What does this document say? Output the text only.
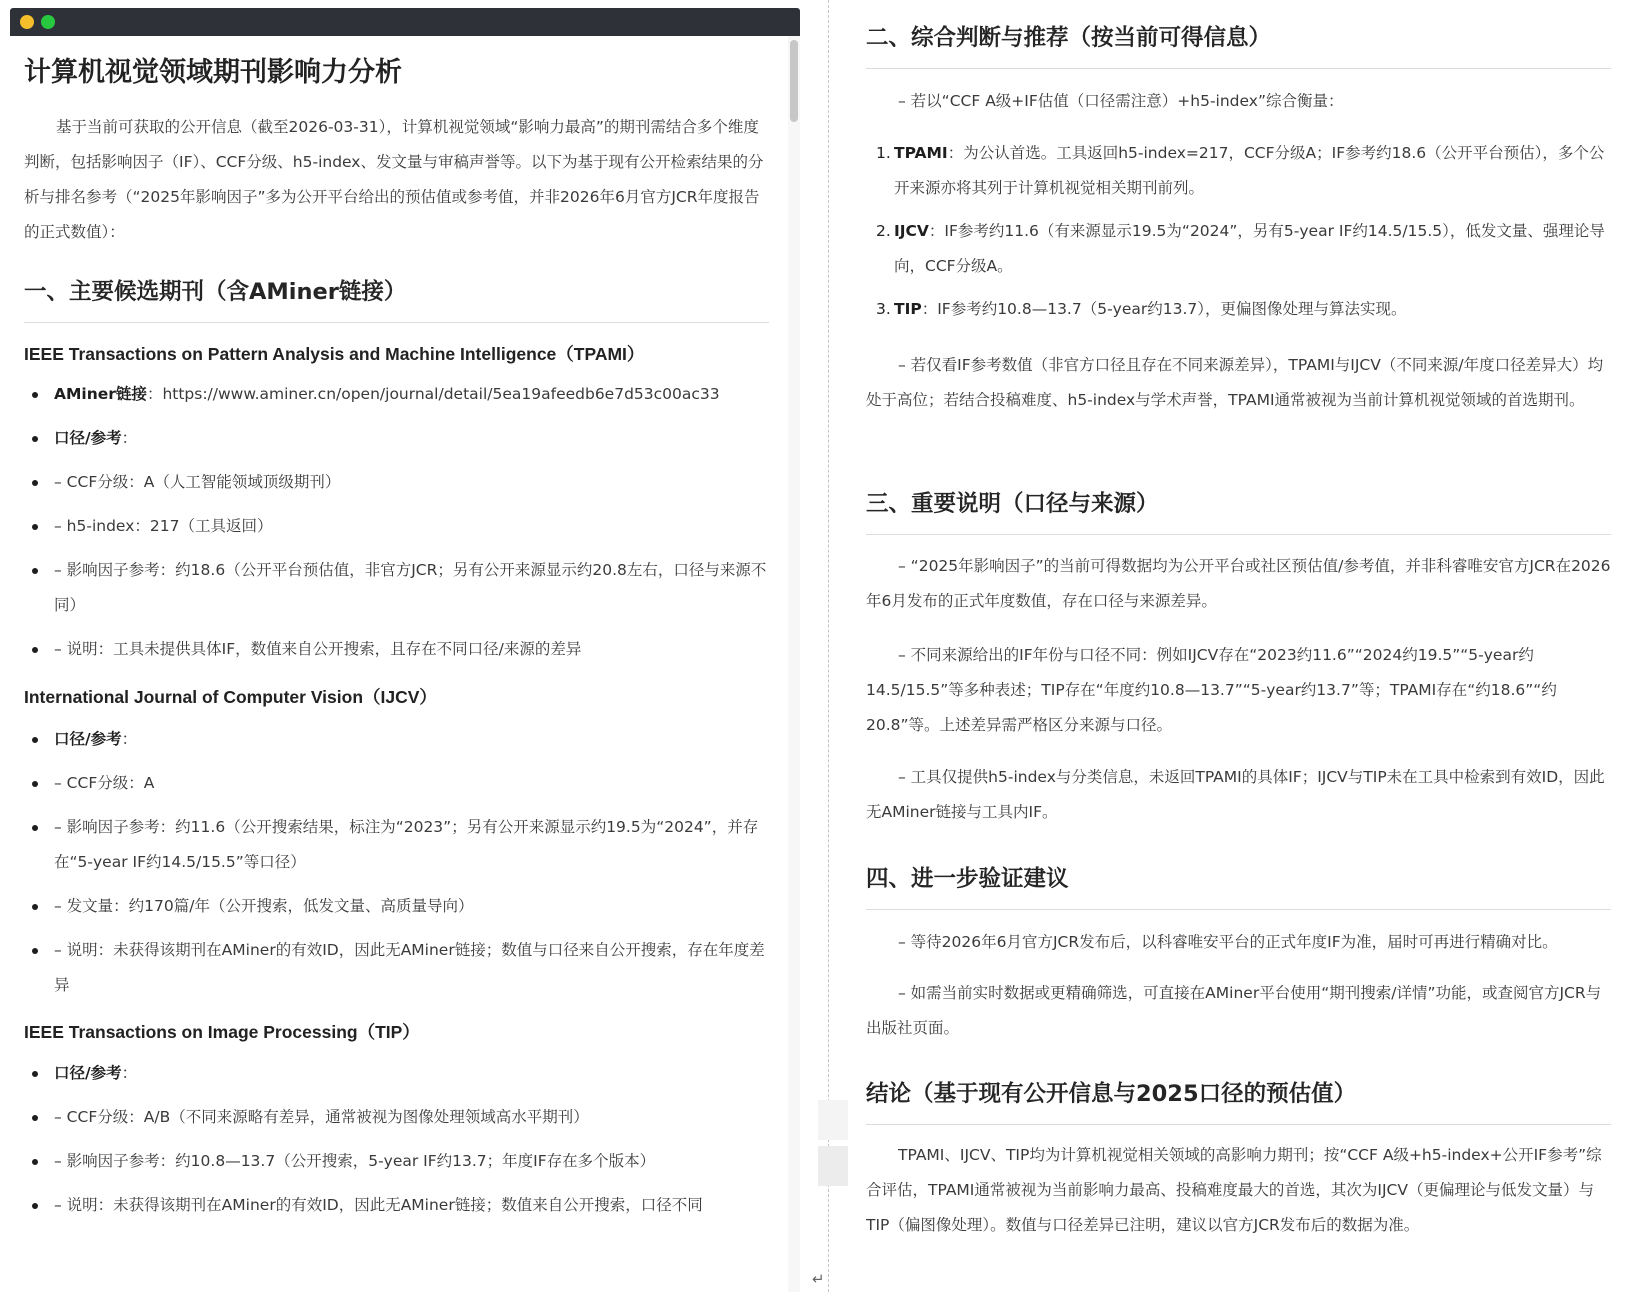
计算机视觉领域期刊影响力分析

基于当前可获取的公开信息（截至2026-03-31），计算机视觉领域“影响力最高”的期刊需结合多个维度判断，包括影响因子（IF）、CCF分级、h5-index、发文量与审稿声誉等。以下为基于现有公开检索结果的分析与排名参考（“2025年影响因子”多为公开平台给出的预估值或参考值，并非2026年6月官方JCR年度报告的正式数值）：

一、主要候选期刊（含AMiner链接）
IEEE Transactions on Pattern Analysis and Machine Intelligence（TPAMI）
AMiner链接：https://www.aminer.cn/open/journal/detail/5ea19afeedb6e7d53c00ac33
口径/参考：
– CCF分级：A（人工智能领域顶级期刊）
– h5-index：217（工具返回）
– 影响因子参考：约18.6（公开平台预估值，非官方JCR；另有公开来源显示约20.8左右，口径与来源不同）
– 说明：工具未提供具体IF，数值来自公开搜索，且存在不同口径/来源的差异
International Journal of Computer Vision（IJCV）
口径/参考：
– CCF分级：A
– 影响因子参考：约11.6（公开搜索结果，标注为“2023”；另有公开来源显示约19.5为“2024”，并存在“5-year IF约14.5/15.5”等口径）
– 发文量：约170篇/年（公开搜索，低发文量、高质量导向）
– 说明：未获得该期刊在AMiner的有效ID，因此无AMiner链接；数值与口径来自公开搜索，存在年度差异
IEEE Transactions on Image Processing（TIP）
口径/参考：
– CCF分级：A/B（不同来源略有差异，通常被视为图像处理领域高水平期刊）
– 影响因子参考：约10.8—13.7（公开搜索，5-year IF约13.7；年度IF存在多个版本）
– 说明：未获得该期刊在AMiner的有效ID，因此无AMiner链接；数值来自公开搜索，口径不同
↵
二、综合判断与推荐（按当前可得信息）

– 若以“CCF A级+IF估值（口径需注意）+h5-index”综合衡量：

1. TPAMI：为公认首选。工具返回h5-index=217，CCF分级A；IF参考约18.6（公开平台预估），多个公开来源亦将其列于计算机视觉相关期刊前列。
2. IJCV：IF参考约11.6（有来源显示19.5为“2024”，另有5-year IF约14.5/15.5），低发文量、强理论导向，CCF分级A。
3. TIP：IF参考约10.8—13.7（5-year约13.7），更偏图像处理与算法实现。

– 若仅看IF参考数值（非官方口径且存在不同来源差异），TPAMI与IJCV（不同来源/年度口径差异大）均处于高位；若结合投稿难度、h5-index与学术声誉，TPAMI通常被视为当前计算机视觉领域的首选期刊。

三、重要说明（口径与来源）

– “2025年影响因子”的当前可得数据均为公开平台或社区预估值/参考值，并非科睿唯安官方JCR在2026年6月发布的正式年度数值，存在口径与来源差异。

– 不同来源给出的IF年份与口径不同：例如IJCV存在“2023约11.6”“2024约19.5”“5-year约14.5/15.5”等多种表述；TIP存在“年度约10.8—13.7”“5-year约13.7”等；TPAMI存在“约18.6”“约20.8”等。上述差异需严格区分来源与口径。

– 工具仅提供h5-index与分类信息，未返回TPAMI的具体IF；IJCV与TIP未在工具中检索到有效ID，因此无AMiner链接与工具内IF。

四、进一步验证建议

– 等待2026年6月官方JCR发布后，以科睿唯安平台的正式年度IF为准，届时可再进行精确对比。

– 如需当前实时数据或更精确筛选，可直接在AMiner平台使用“期刊搜索/详情”功能，或查阅官方JCR与出版社页面。

结论（基于现有公开信息与2025口径的预估值）

TPAMI、IJCV、TIP均为计算机视觉相关领域的高影响力期刊；按“CCF A级+h5-index+公开IF参考”综合评估，TPAMI通常被视为当前影响力最高、投稿难度最大的首选，其次为IJCV（更偏理论与低发文量）与TIP（偏图像处理）。数值与口径差异已注明，建议以官方JCR发布后的数据为准。
